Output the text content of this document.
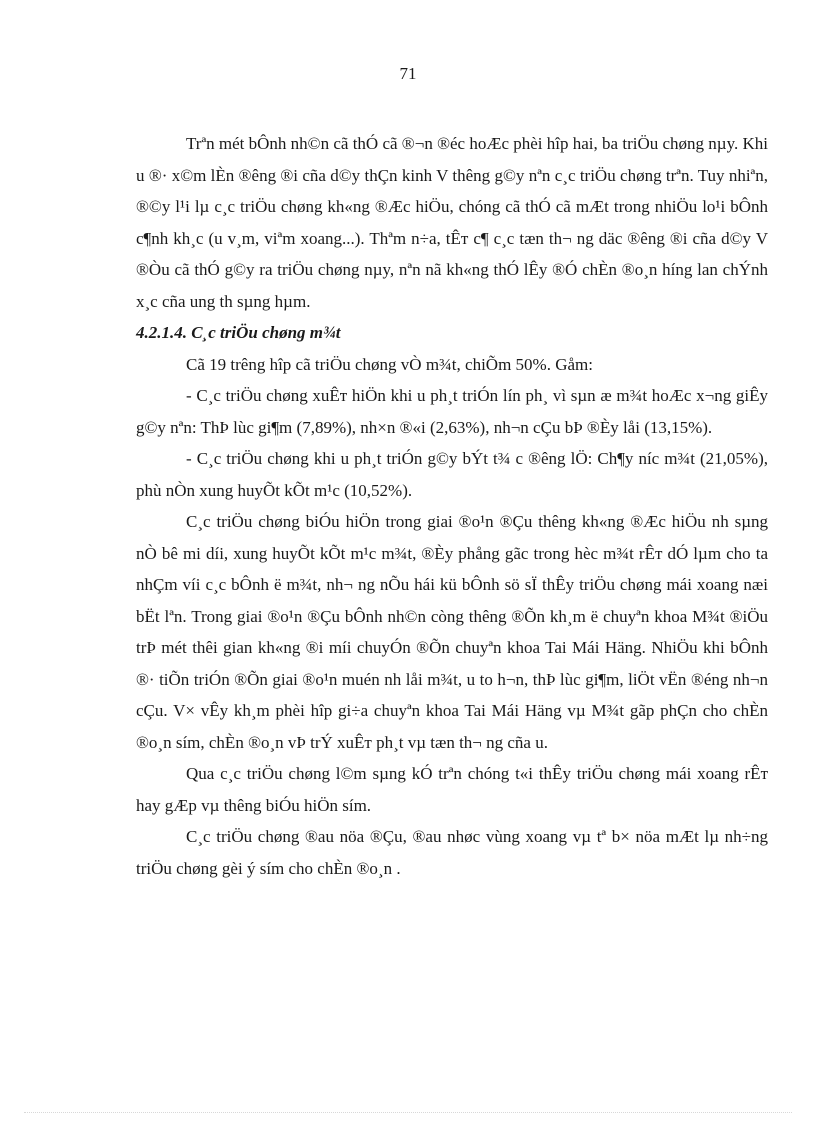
71

Trªn mét bÔnh nh©n cã thÓ cã ®¬n ®éc hoÆc phèi hîp hai, ba triÖu chøng nµy. Khi u ®· x©m lÈn ®êng ®i cña d©y thÇn kinh V thêng g©y nªn c¸c triÖu chøng trªn. Tuy nhiªn, ®©y l¹i lµ c¸c triÖu chøng kh«ng ®Æc hiÖu, chóng cã thÓ cã mÆt trong nhiÖu lo¹i bÔnh c¶nh kh¸c (u v¸m, viªm xoang...). Thªm n÷a, tÊт c¶ c¸c tæn th¬ ng däc ®êng ®i cña d©y V ®Òu cã thÓ g©y ra triÖu chøng nµy, nªn nã kh«ng thÓ lÊу ®Ó chÈn ®o¸n híng lan chÝnh x¸c cña ung th sµng hµm.

4.2.1.4. C¸c triÖu chøng m¾t

Cã 19 trêng hîp cã triÖu chøng vÒ m¾t, chiÕm 50%. Gåm:

- C¸c triÖu chøng xuÊт hiÖn khi u ph¸t triÓn lín ph¸ vì sµn æ m¾t hoÆc x¬ng giÊу g©y nªn: ThÞ lùc gi¶m (7,89%), nh×n ®«i (2,63%), nh¬n cÇu bÞ ®Èy låi (13,15%).

- C¸c triÖu chøng khi u ph¸t triÓn g©y bÝt t¾ c ®êng lÖ: Ch¶y níc m¾t (21,05%), phù nÒn xung huyÕt kÕt m¹c (10,52%).

C¸c triÖu chøng biÓu hiÖn trong giai ®o¹n ®Çu thêng kh«ng ®Æc hiÖu nh sµng nÒ bê mi díi, xung huyÕt kÕt m¹c m¾t, ®Èy phång gãc trong hèc m¾t rÊт dÓ lµm cho ta nhÇm víi c¸c bÔnh ë m¾t, nh¬ ng nÕu hái kü bÔnh sö sÏ thÊу triÖu chøng mái xoang næi bËt lªn. Trong giai ®o¹n ®Çu bÔnh nh©n còng thêng ®Õn kh¸m ë chuyªn khoa M¾t ®iÖu trÞ mét thêi gian kh«ng ®i míi chuyÓn ®Õn chuyªn khoa Tai Mái Häng. NhiÖu khi bÔnh ®· tiÕn triÓn ®Õn giai ®o¹n muén nh låi m¾t, u to h¬n, thÞ lùc gi¶m, liÖt vËn ®éng nh¬n cÇu. V× vÊу kh¸m phèi hîp gi÷a chuyªn khoa Tai Mái Häng vµ M¾t gãp phÇn cho chÈn ®o¸n sím, chÈn ®o¸n vÞ trÝ xuÊт ph¸t vµ tæn th¬ ng cña u.

Qua c¸c triÖu chøng l©m sµng kÓ trªn chóng t«i thÊу triÖu chøng mái xoang rÊт hay gÆp vµ thêng biÓu hiÖn sím.

C¸c triÖu chøng ®au nöa ®Çu, ®au nhøc vùng xoang vµ tª b× nöa mÆt lµ nh÷ng triÖu chøng gèi ý sím cho chÈn ®o¸n .
